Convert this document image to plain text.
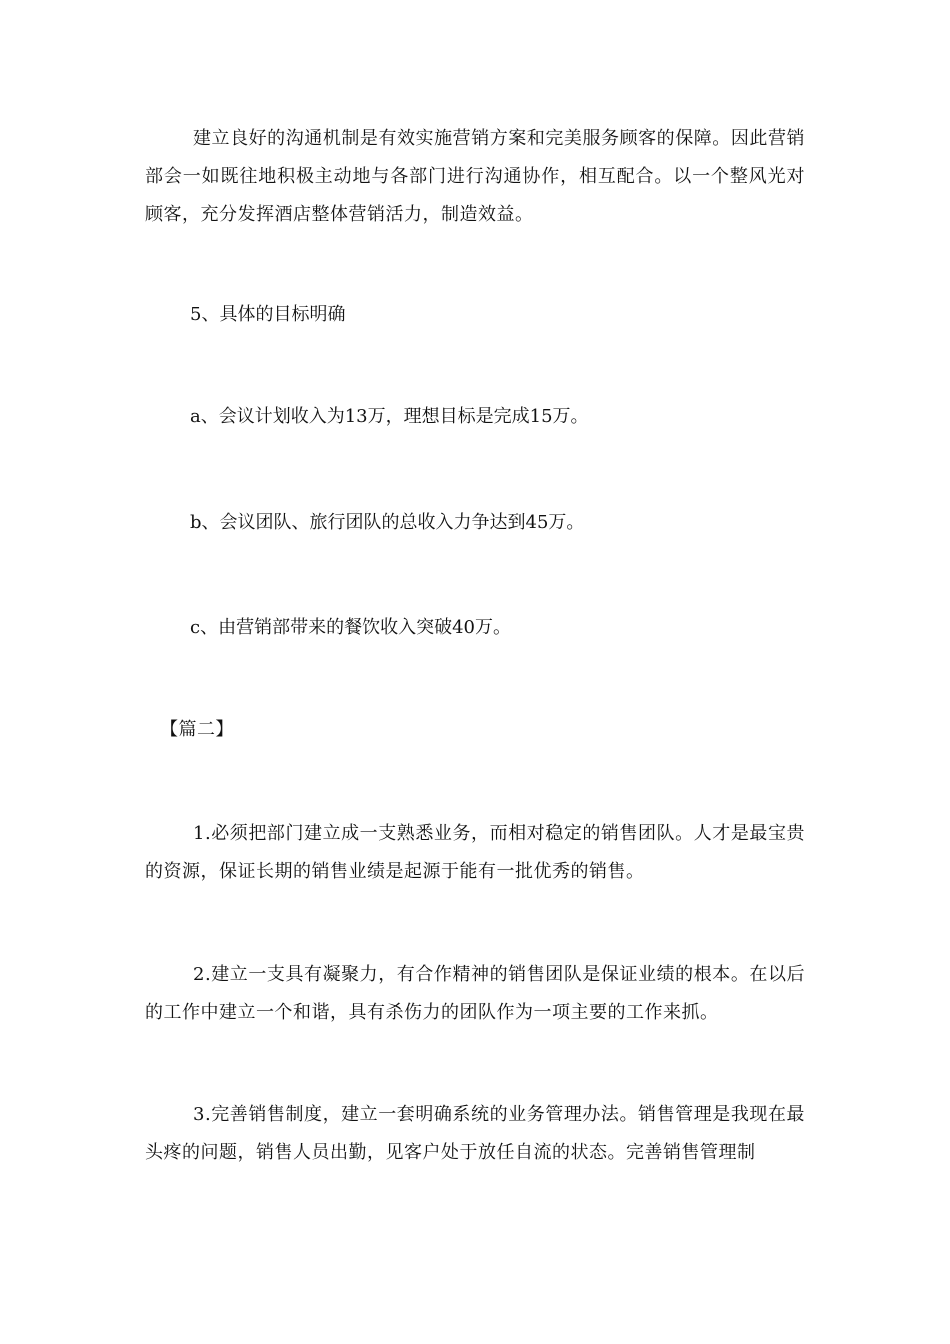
建立良好的沟通机制是有效实施营销方案和完美服务顾客的保障。因此营销部会一如既往地积极主动地与各部门进行沟通协作，相互配合。以一个整风光对顾客，充分发挥酒店整体营销活力，制造效益。

5、具体的目标明确

a、会议计划收入为13万，理想目标是完成15万。

b、会议团队、旅行团队的总收入力争达到45万。

c、由营销部带来的餐饮收入突破40万。

【篇二】

1.必须把部门建立成一支熟悉业务，而相对稳定的销售团队。人才是最宝贵的资源，保证长期的销售业绩是起源于能有一批优秀的销售。

2.建立一支具有凝聚力，有合作精神的销售团队是保证业绩的根本。在以后的工作中建立一个和谐，具有杀伤力的团队作为一项主要的工作来抓。

3.完善销售制度，建立一套明确系统的业务管理办法。销售管理是我现在最头疼的问题，销售人员出勤，见客户处于放任自流的状态。完善销售管理制
